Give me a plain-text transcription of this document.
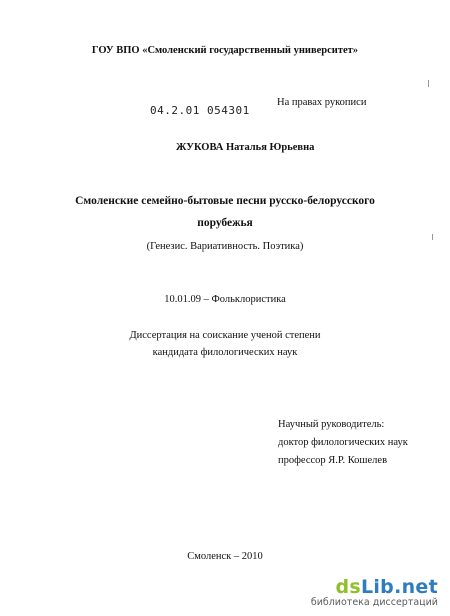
ГОУ ВПО «Смоленский государственный университет»
04.2.01 054301
На правах рукописи
ЖУКОВА Наталья Юрьевна
Смоленские семейно-бытовые песни русско-белорусского
порубежья
(Генезис. Вариативность. Поэтика)
10.01.09 – Фольклористика
Диссертация на соискание ученой степени
кандидата филологических наук
Научный руководитель:
доктор филологических наук
профессор Я.Р. Кошелев
Смоленск – 2010
dsLib.net
библиотека диссертаций
